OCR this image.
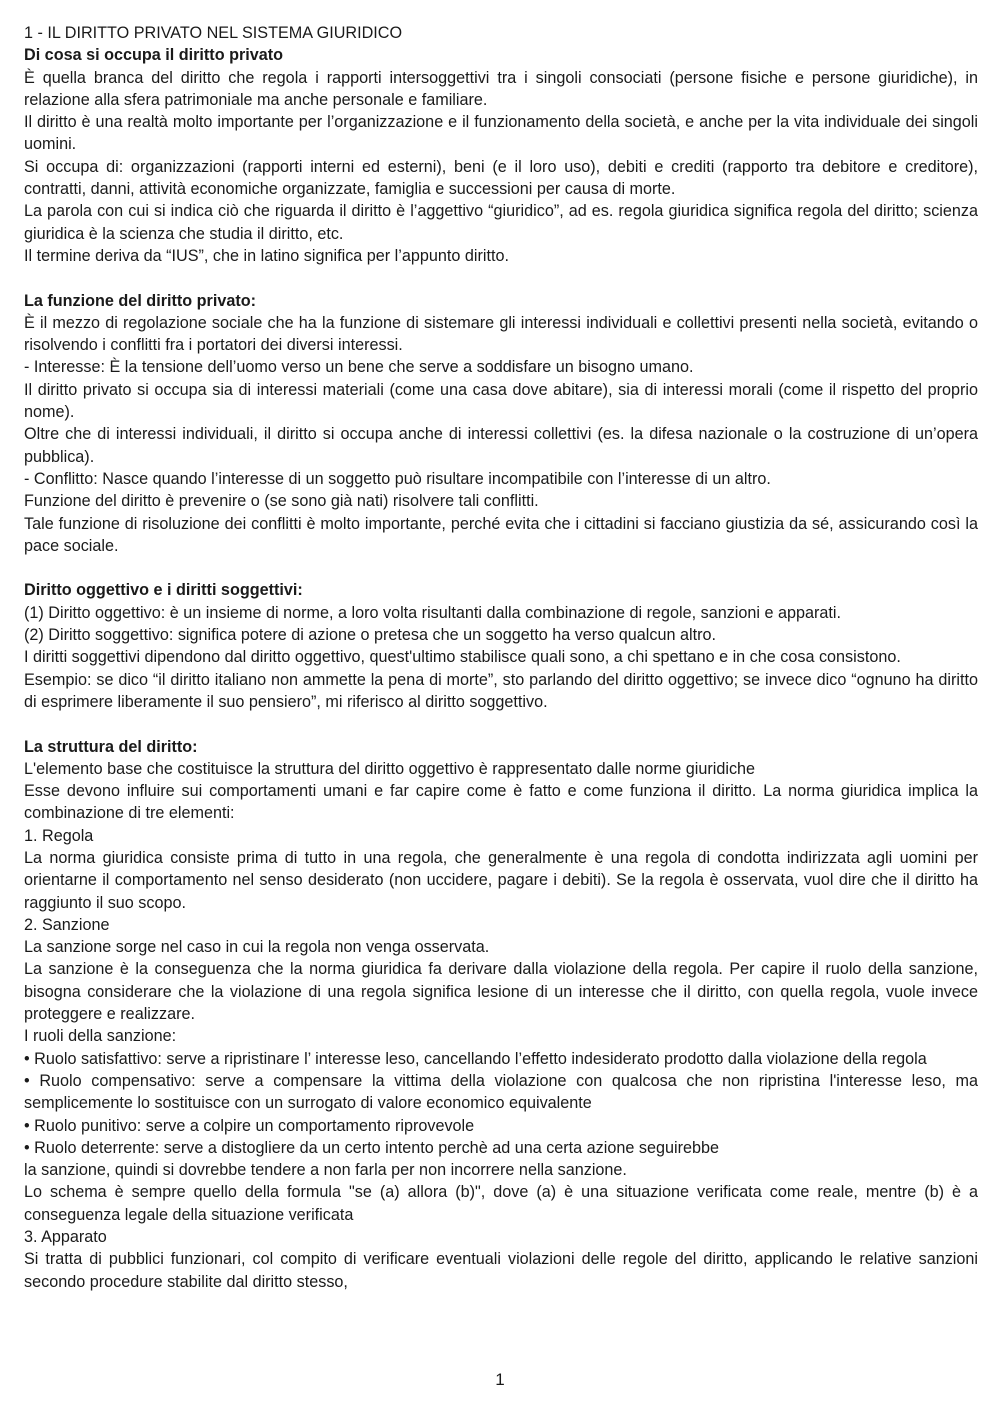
1 - IL DIRITTO PRIVATO NEL SISTEMA GIURIDICO
Di cosa si occupa il diritto privato

È quella branca del diritto che regola i rapporti intersoggettivi tra i singoli consociati (persone fisiche e persone giuridiche), in relazione alla sfera patrimoniale ma anche personale e familiare.

Il diritto è una realtà molto importante per l’organizzazione e il funzionamento della società, e anche per la vita individuale dei singoli uomini.

Si occupa di: organizzazioni (rapporti interni ed esterni), beni (e il loro uso), debiti e crediti (rapporto tra debitore e creditore), contratti, danni, attività economiche organizzate, famiglia e successioni per causa di morte.

La parola con cui si indica ciò che riguarda il diritto è l’aggettivo “giuridico”, ad es. regola giuridica significa regola del diritto; scienza giuridica è la scienza che studia il diritto, etc.

Il termine deriva da “IUS”, che in latino significa per l’appunto diritto.

La funzione del diritto privato:

È il mezzo di regolazione sociale che ha la funzione di sistemare gli interessi individuali e collettivi presenti nella società, evitando o risolvendo i conflitti fra i portatori dei diversi interessi.

- Interesse: È la tensione dell’uomo verso un bene che serve a soddisfare un bisogno umano.

Il diritto privato si occupa sia di interessi materiali (come una casa dove abitare), sia di interessi morali (come il rispetto del proprio nome).

Oltre che di interessi individuali, il diritto si occupa anche di interessi collettivi (es. la difesa nazionale o la costruzione di un’opera pubblica).

- Conflitto: Nasce quando l’interesse di un soggetto può risultare incompatibile con l’interesse di un altro.

Funzione del diritto è prevenire o (se sono già nati) risolvere tali conflitti.

Tale funzione di risoluzione dei conflitti è molto importante, perché evita che i cittadini si facciano giustizia da sé, assicurando così la pace sociale.

Diritto oggettivo e i diritti soggettivi:

(1) Diritto oggettivo: è un insieme di norme, a loro volta risultanti dalla combinazione di regole, sanzioni e apparati.

(2) Diritto soggettivo: significa potere di azione o pretesa che un soggetto ha verso qualcun altro.

I diritti soggettivi dipendono dal diritto oggettivo, quest'ultimo stabilisce quali sono, a chi spettano e in che cosa consistono.

Esempio: se dico “il diritto italiano non ammette la pena di morte”, sto parlando del diritto oggettivo; se invece dico “ognuno ha diritto di esprimere liberamente il suo pensiero”, mi riferisco al diritto soggettivo.

La struttura del diritto:

L'elemento base che costituisce la struttura del diritto oggettivo è rappresentato dalle norme giuridiche

Esse devono influire sui comportamenti umani e far capire come è fatto e come funziona il diritto. La norma giuridica implica la combinazione di tre elementi:

1. Regola

La norma giuridica consiste prima di tutto in una regola, che generalmente è una regola di condotta indirizzata agli uomini per orientarne il comportamento nel senso desiderato (non uccidere, pagare i debiti). Se la regola è osservata, vuol dire che il diritto ha raggiunto il suo scopo.

2. Sanzione

La sanzione sorge nel caso in cui la regola non venga osservata.

La sanzione è la conseguenza che la norma giuridica fa derivare dalla violazione della regola. Per capire il ruolo della sanzione, bisogna considerare che la violazione di una regola significa lesione di un interesse che il diritto, con quella regola, vuole invece proteggere e realizzare.

I ruoli della sanzione:

• Ruolo satisfattivo: serve a ripristinare l’ interesse leso, cancellando l’effetto indesiderato prodotto dalla violazione della regola

• Ruolo compensativo: serve a compensare la vittima della violazione con qualcosa che non ripristina l'interesse leso, ma semplicemente lo sostituisce con un surrogato di valore economico equivalente

• Ruolo punitivo: serve a colpire un comportamento riprovevole

• Ruolo deterrente: serve a distogliere da un certo intento perchè ad una certa azione seguirebbe

la sanzione, quindi si dovrebbe tendere a non farla per non incorrere nella sanzione.

Lo schema è sempre quello della formula "se (a) allora (b)", dove (a) è una situazione verificata come reale, mentre (b) è a conseguenza legale della situazione verificata

3. Apparato

Si tratta di pubblici funzionari, col compito di verificare eventuali violazioni delle regole del diritto, applicando le relative sanzioni secondo procedure stabilite dal diritto stesso,

1
